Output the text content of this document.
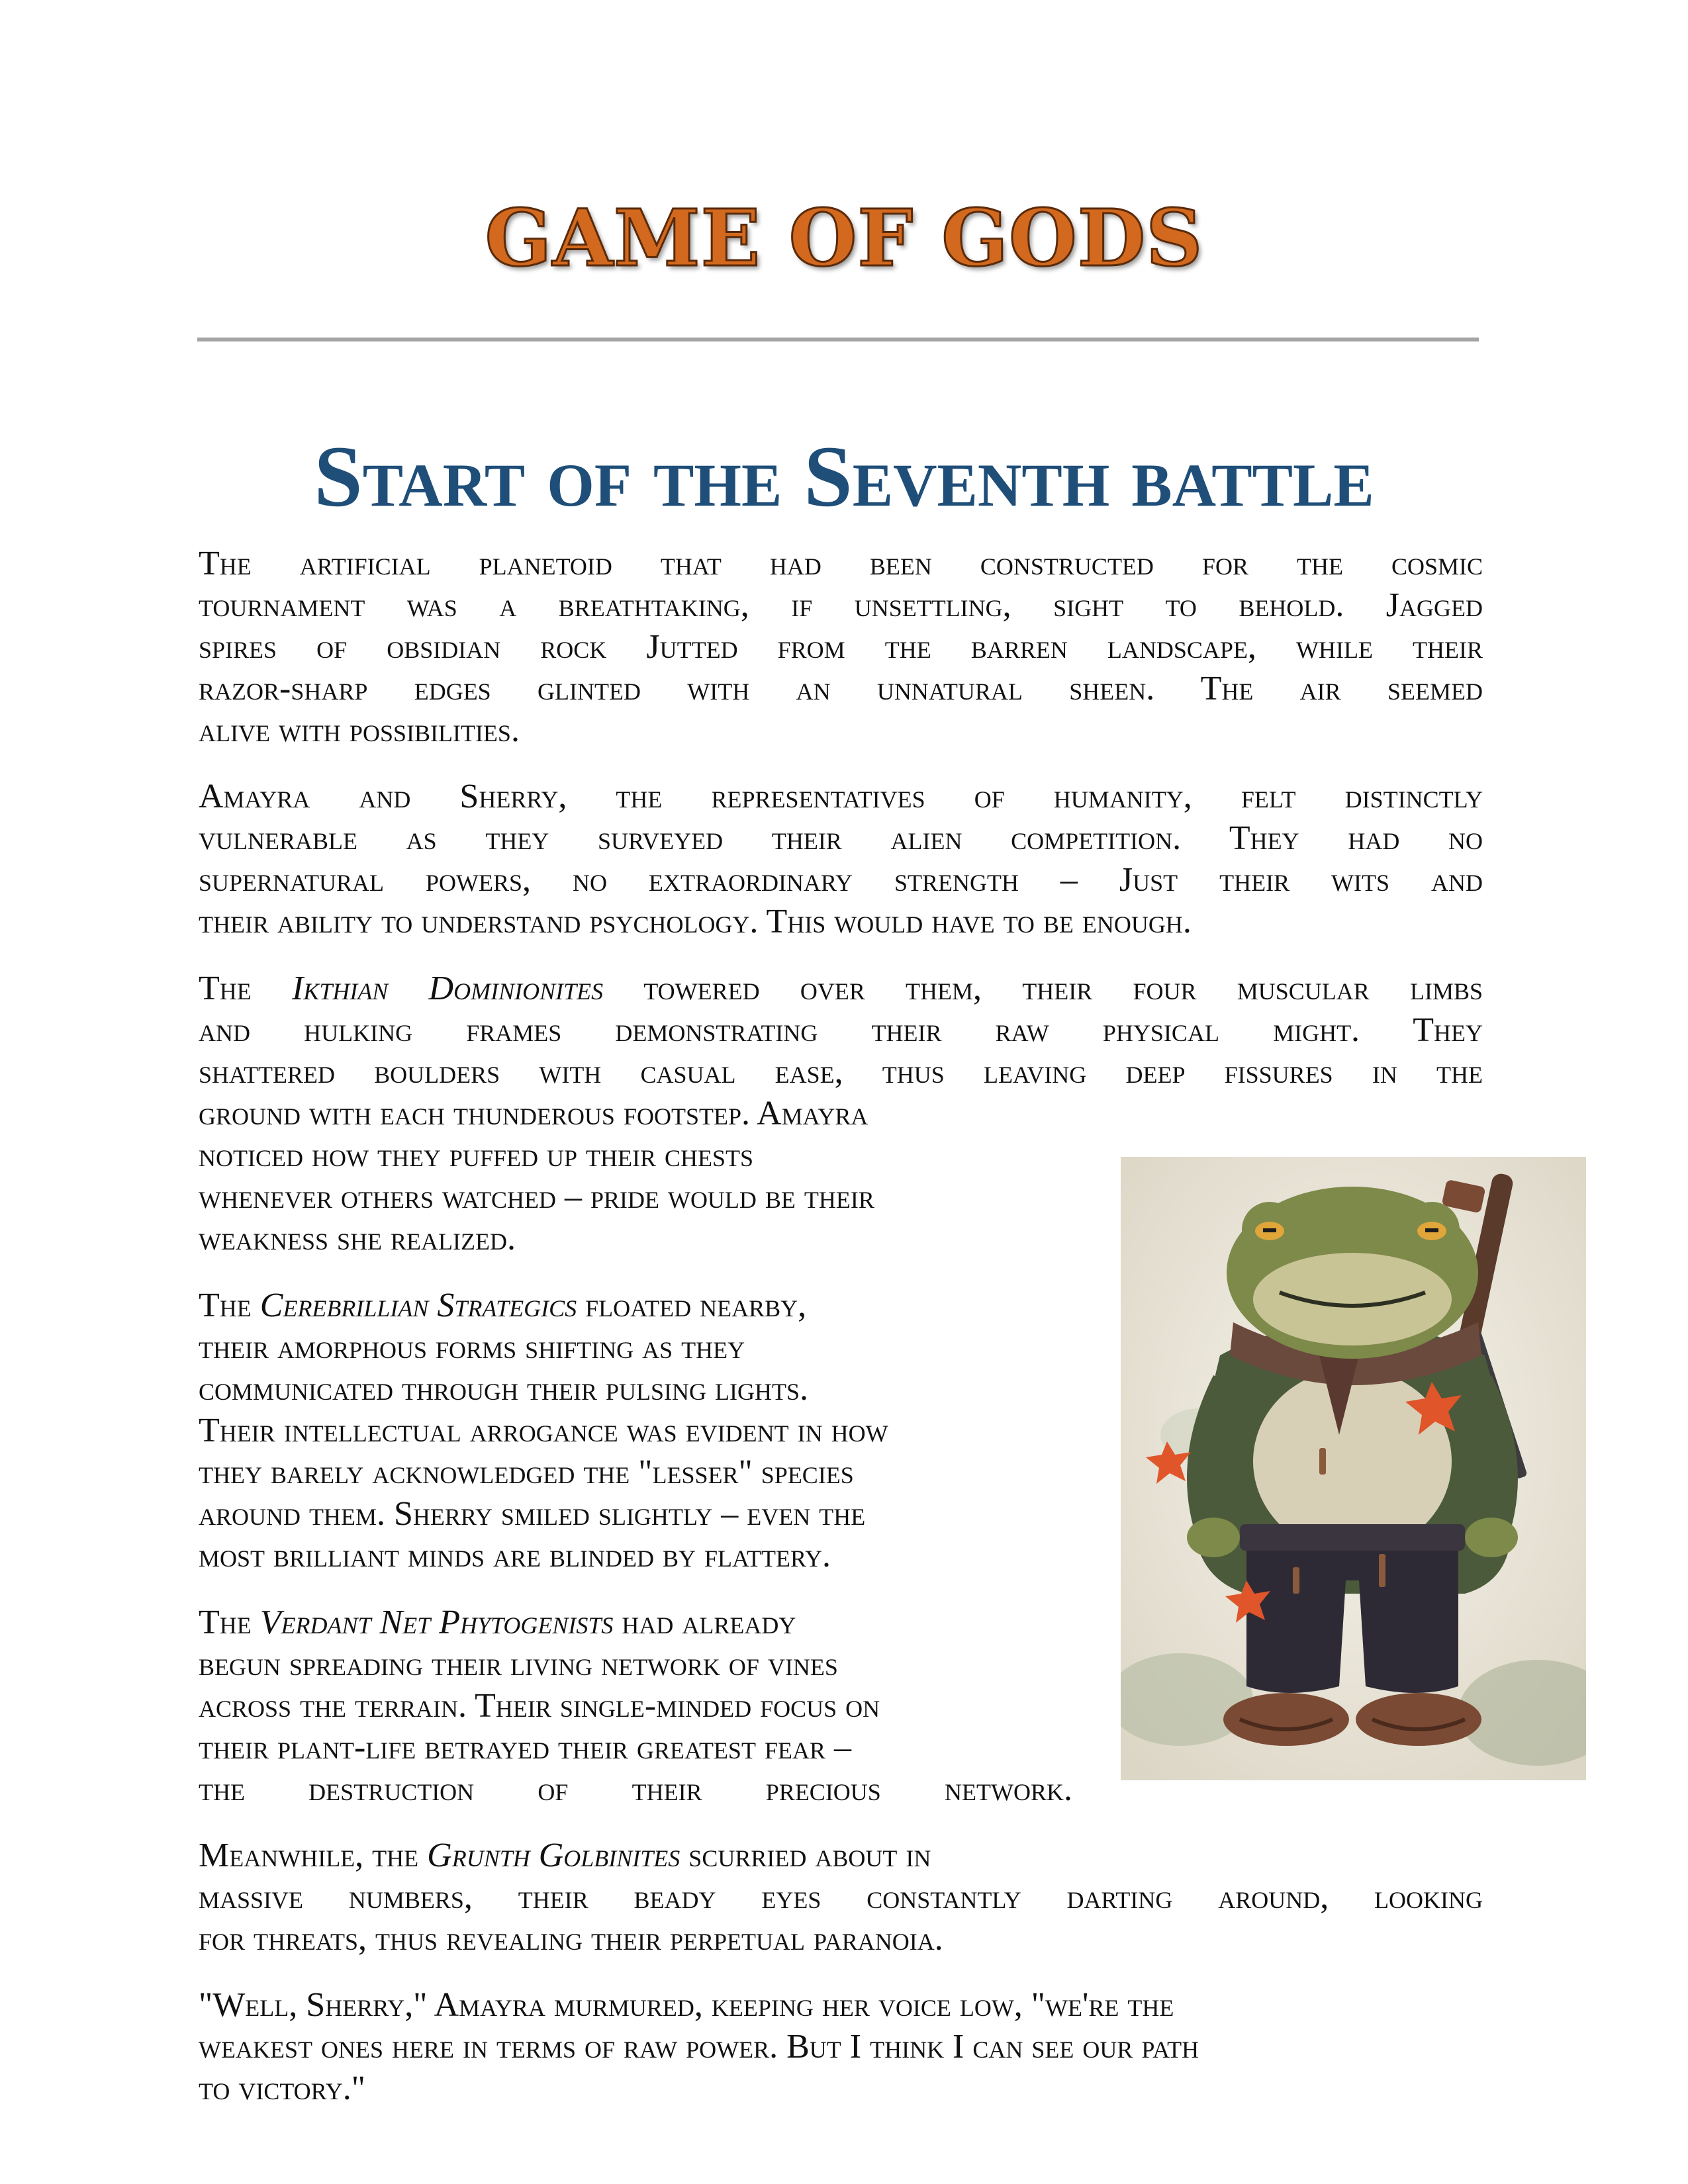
GAME OF GODS
Start of the Seventh battle
The artificial planetoid that had been constructed for the cosmic
tournament was a breathtaking, if unsettling, sight to behold. Jagged
spires of obsidian rock Jutted from the barren landscape, while their
razor-sharp edges glinted with an unnatural sheen. The air seemed
alive with possibilities.
Amayra and Sherry, the representatives of humanity, felt distinctly
vulnerable as they surveyed their alien competition. They had no
supernatural powers, no extraordinary strength – Just their wits and
their ability to understand psychology. This would have to be enough.
The Ikthian Dominionites towered over them, their four muscular limbs
and hulking frames demonstrating their raw physical might. They
shattered boulders with casual ease, thus leaving deep fissures in the
ground with each thunderous footstep. Amayra
noticed how they puffed up their chests
whenever others watched – pride would be their
weakness she realized.
The Cerebrillian Strategics floated nearby,
their amorphous forms shifting as they
communicated through their pulsing lights.
Their intellectual arrogance was evident in how
they barely acknowledged the "lesser" species
around them. Sherry smiled slightly – even the
most brilliant minds are blinded by flattery.
The Verdant Net Phytogenists had already
begun spreading their living network of vines
across the terrain. Their single-minded focus on
their plant-life betrayed their greatest fear –
the destruction of their precious network.
Meanwhile, the Grunth Golbinites scurried about in
massive numbers, their beady eyes constantly darting around, looking
for threats, thus revealing their perpetual paranoia.
"Well, Sherry," Amayra murmured, keeping her voice low, "we're the
weakest ones here in terms of raw power. But I think I can see our path
to victory."
